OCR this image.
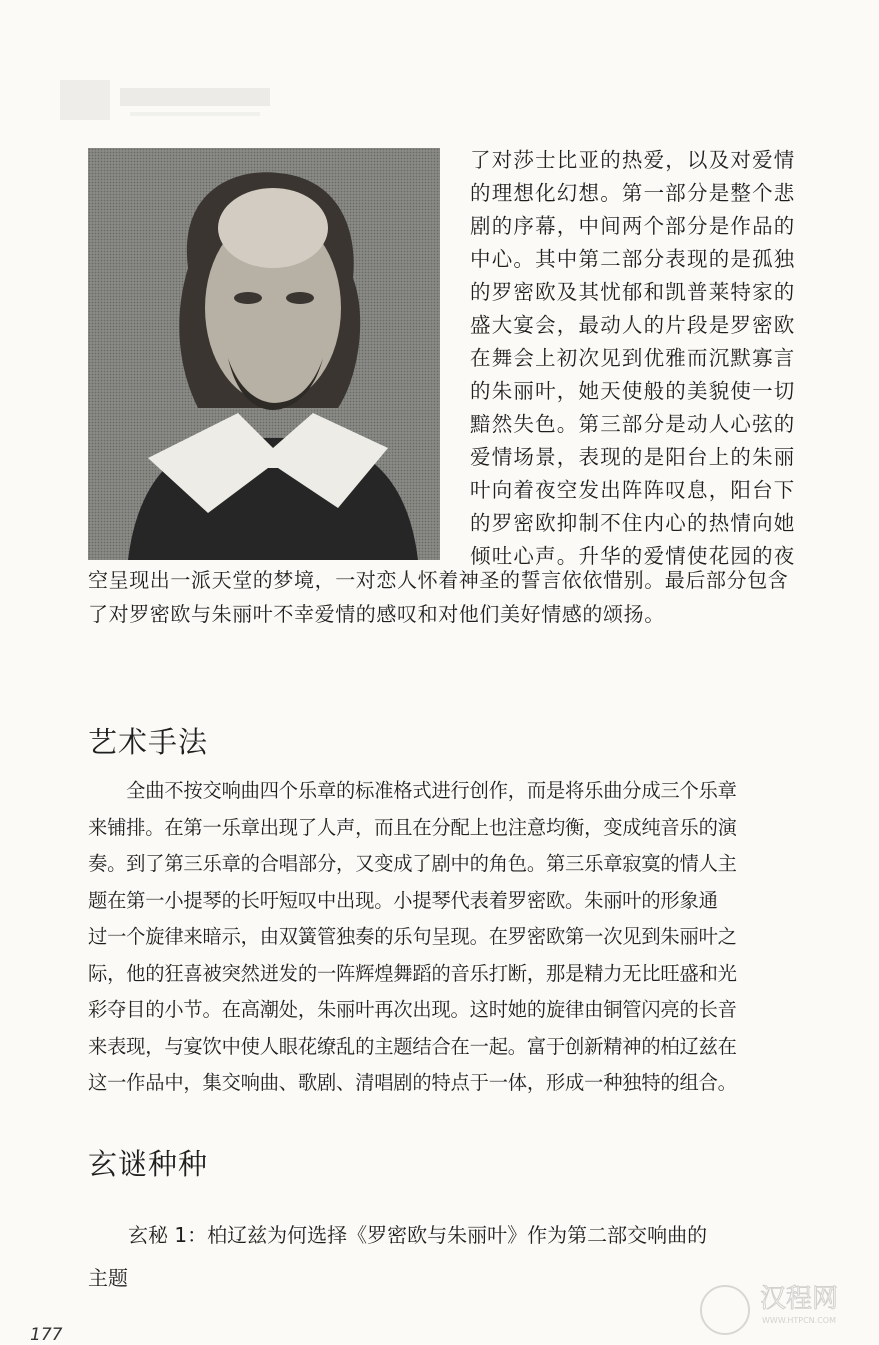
了对莎士比亚的热爱，以及对爱情
的理想化幻想。第一部分是整个悲
剧的序幕，中间两个部分是作品的
中心。其中第二部分表现的是孤独
的罗密欧及其忧郁和凯普莱特家的
盛大宴会，最动人的片段是罗密欧
在舞会上初次见到优雅而沉默寡言
的朱丽叶，她天使般的美貌使一切
黯然失色。第三部分是动人心弦的
爱情场景，表现的是阳台上的朱丽
叶向着夜空发出阵阵叹息，阳台下
的罗密欧抑制不住内心的热情向她
倾吐心声。升华的爱情使花园的夜
空呈现出一派天堂的梦境，一对恋人怀着神圣的誓言依依惜别。最后部分包含
了对罗密欧与朱丽叶不幸爱情的感叹和对他们美好情感的颂扬。
艺术手法
　　全曲不按交响曲四个乐章的标准格式进行创作，而是将乐曲分成三个乐章
来铺排。在第一乐章出现了人声，而且在分配上也注意均衡，变成纯音乐的演
奏。到了第三乐章的合唱部分，又变成了剧中的角色。第三乐章寂寞的情人主
题在第一小提琴的长吁短叹中出现。小提琴代表着罗密欧。朱丽叶的形象通
过一个旋律来暗示，由双簧管独奏的乐句呈现。在罗密欧第一次见到朱丽叶之
际，他的狂喜被突然迸发的一阵辉煌舞蹈的音乐打断，那是精力无比旺盛和光
彩夺目的小节。在高潮处，朱丽叶再次出现。这时她的旋律由铜管闪亮的长音
来表现，与宴饮中使人眼花缭乱的主题结合在一起。富于创新精神的柏辽兹在
这一作品中，集交响曲、歌剧、清唱剧的特点于一体，形成一种独特的组合。
玄谜种种
　　玄秘 1：柏辽兹为何选择《罗密欧与朱丽叶》作为第二部交响曲的
主题
177
汉程网
WWW.HTPCN.COM
